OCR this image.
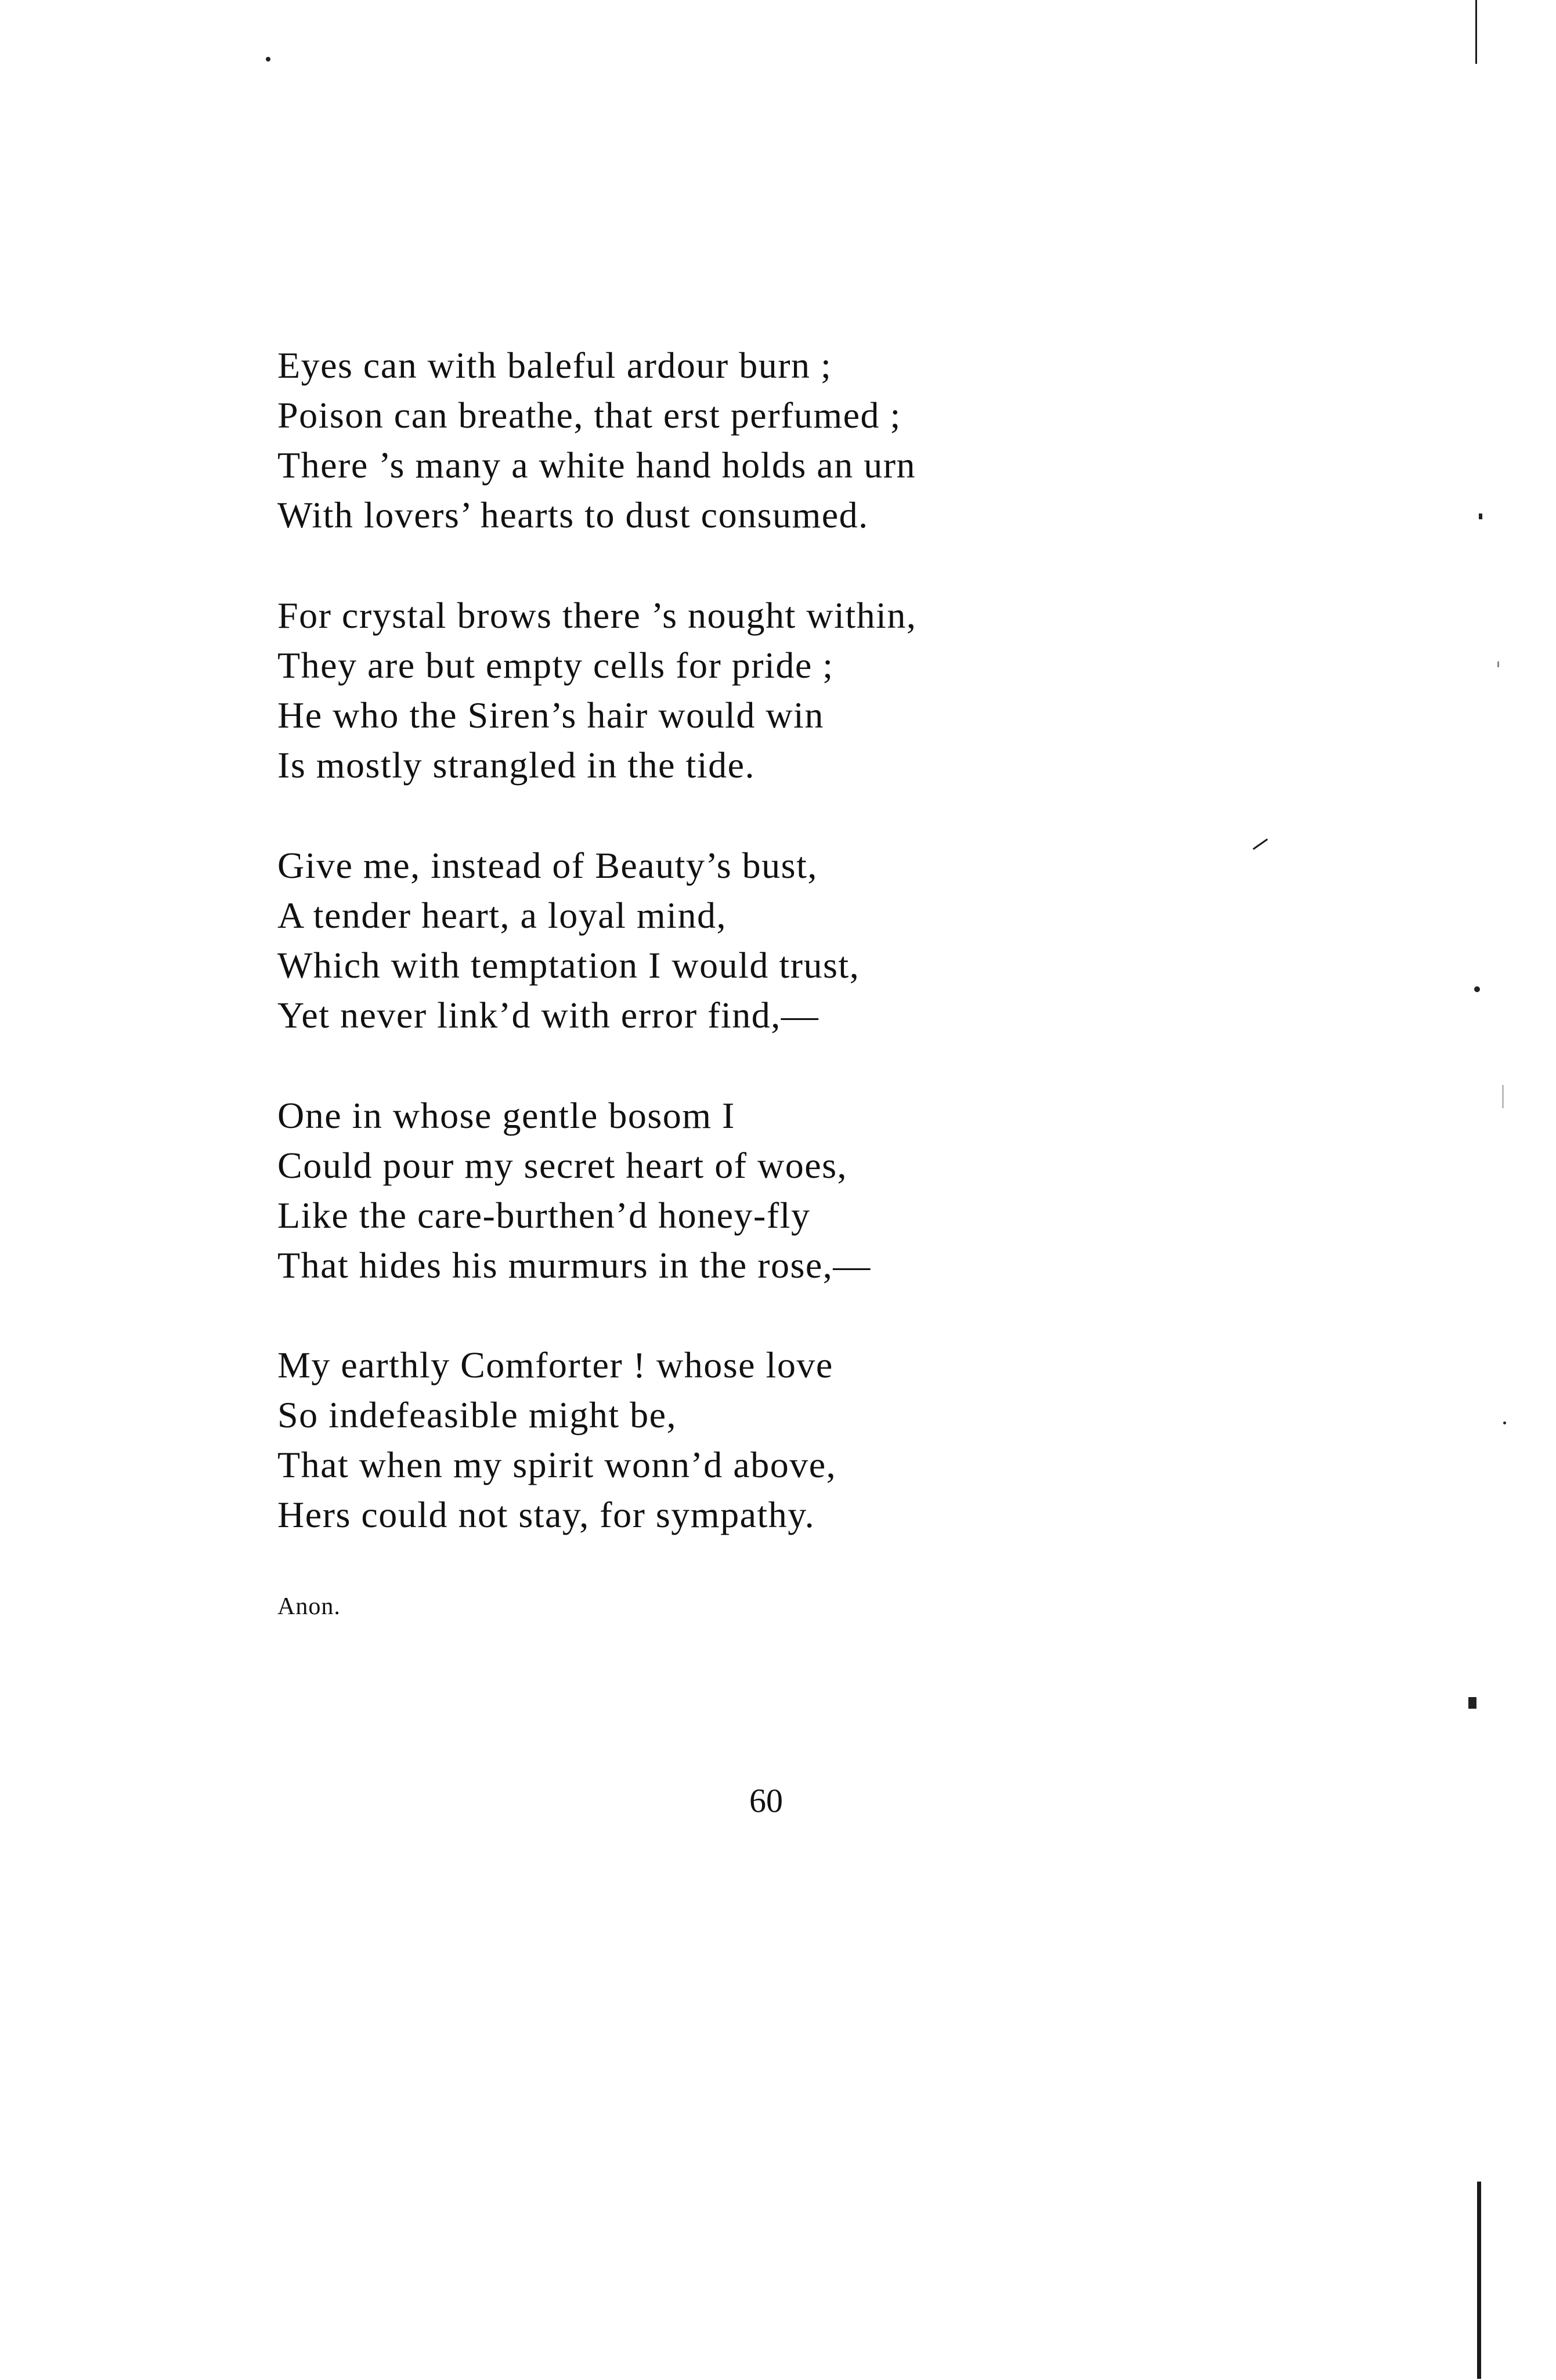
Eyes can with baleful ardour burn ;
Poison can breathe, that erst perfumed ;
There ’s many a white hand holds an urn
With lovers’ hearts to dust consumed.
For crystal brows there ’s nought within,
They are but empty cells for pride ;
He who the Siren’s hair would win
Is mostly strangled in the tide.
Give me, instead of Beauty’s bust,
A tender heart, a loyal mind,
Which with temptation I would trust,
Yet never link’d with error find,—
One in whose gentle bosom I
Could pour my secret heart of woes,
Like the care-burthen’d honey-fly
That hides his murmurs in the rose,—
My earthly Comforter ! whose love
So indefeasible might be,
That when my spirit wonn’d above,
Hers could not stay, for sympathy.
Anon.
60
